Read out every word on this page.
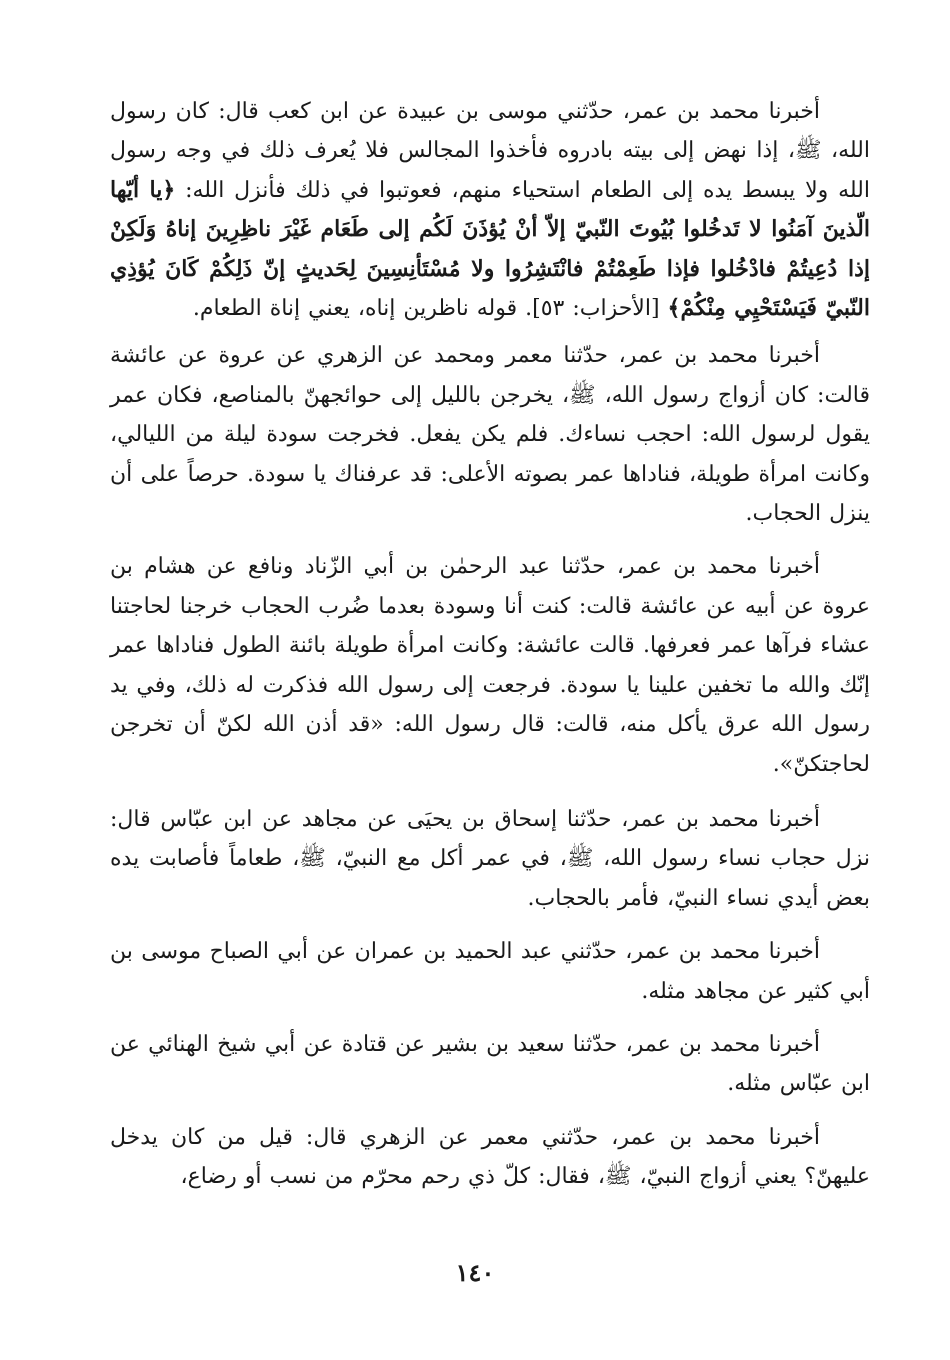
أخبرنا محمد بن عمر، حدّثني موسى بن عبيدة عن ابن كعب قال: كان رسول الله، ﷺ، إذا نهض إلى بيته بادروه فأخذوا المجالس فلا يُعرف ذلك في وجه رسول الله ولا يبسط يده إلى الطعام استحياء منهم، فعوتبوا في ذلك فأنزل الله: ﴿يا أيّها الّذينَ آمَنُوا لا تَدخُلوا بُيُوتَ النّبيّ إلاّ أنْ يُؤذَنَ لَكُم إلى طَعَام غَيْرَ ناظِرِينَ إناهُ وَلَكِنْ إذا دُعِيتُمْ فادْخُلوا فإذا طَعِمْتُمْ فانْتَشِرُوا ولا مُسْتَأنِسِينَ لِحَديثٍ إنّ ذَلِكُمْ كَانَ يُؤذِي النّبيّ فَيَسْتَحْيِي مِنْكُمْ﴾ [الأحزاب: ٥٣]. قوله ناظرين إناه، يعني إناة الطعام.

أخبرنا محمد بن عمر، حدّثنا معمر ومحمد عن الزهري عن عروة عن عائشة قالت: كان أزواج رسول الله، ﷺ، يخرجن بالليل إلى حوائجهنّ بالمناصع، فكان عمر يقول لرسول الله: احجب نساءك. فلم يكن يفعل. فخرجت سودة ليلة من الليالي، وكانت امرأة طويلة، فناداها عمر بصوته الأعلى: قد عرفناك يا سودة. حرصاً على أن ينزل الحجاب.

أخبرنا محمد بن عمر، حدّثنا عبد الرحمٰن بن أبي الزّناد ونافع عن هشام بن عروة عن أبيه عن عائشة قالت: كنت أنا وسودة بعدما ضُرب الحجاب خرجنا لحاجتنا عشاء فرآها عمر فعرفها. قالت عائشة: وكانت امرأة طويلة بائنة الطول فناداها عمر إنّك والله ما تخفين علينا يا سودة. فرجعت إلى رسول الله فذكرت له ذلك، وفي يد رسول الله عرق يأكل منه، قالت: قال رسول الله: «قد أذن الله لكنّ أن تخرجن لحاجتكنّ».

أخبرنا محمد بن عمر، حدّثنا إسحاق بن يحيَى عن مجاهد عن ابن عبّاس قال: نزل حجاب نساء رسول الله، ﷺ، في عمر أكل مع النبيّ، ﷺ، طعاماً فأصابت يده بعض أيدي نساء النبيّ، فأمر بالحجاب.

أخبرنا محمد بن عمر، حدّثني عبد الحميد بن عمران عن أبي الصباح موسى بن أبي كثير عن مجاهد مثله.

أخبرنا محمد بن عمر، حدّثنا سعيد بن بشير عن قتادة عن أبي شيخ الهنائي عن ابن عبّاس مثله.

أخبرنا محمد بن عمر، حدّثني معمر عن الزهري قال: قيل من كان يدخل عليهنّ؟ يعني أزواج النبيّ، ﷺ، فقال: كلّ ذي رحم محرّم من نسب أو رضاع،

١٤٠
